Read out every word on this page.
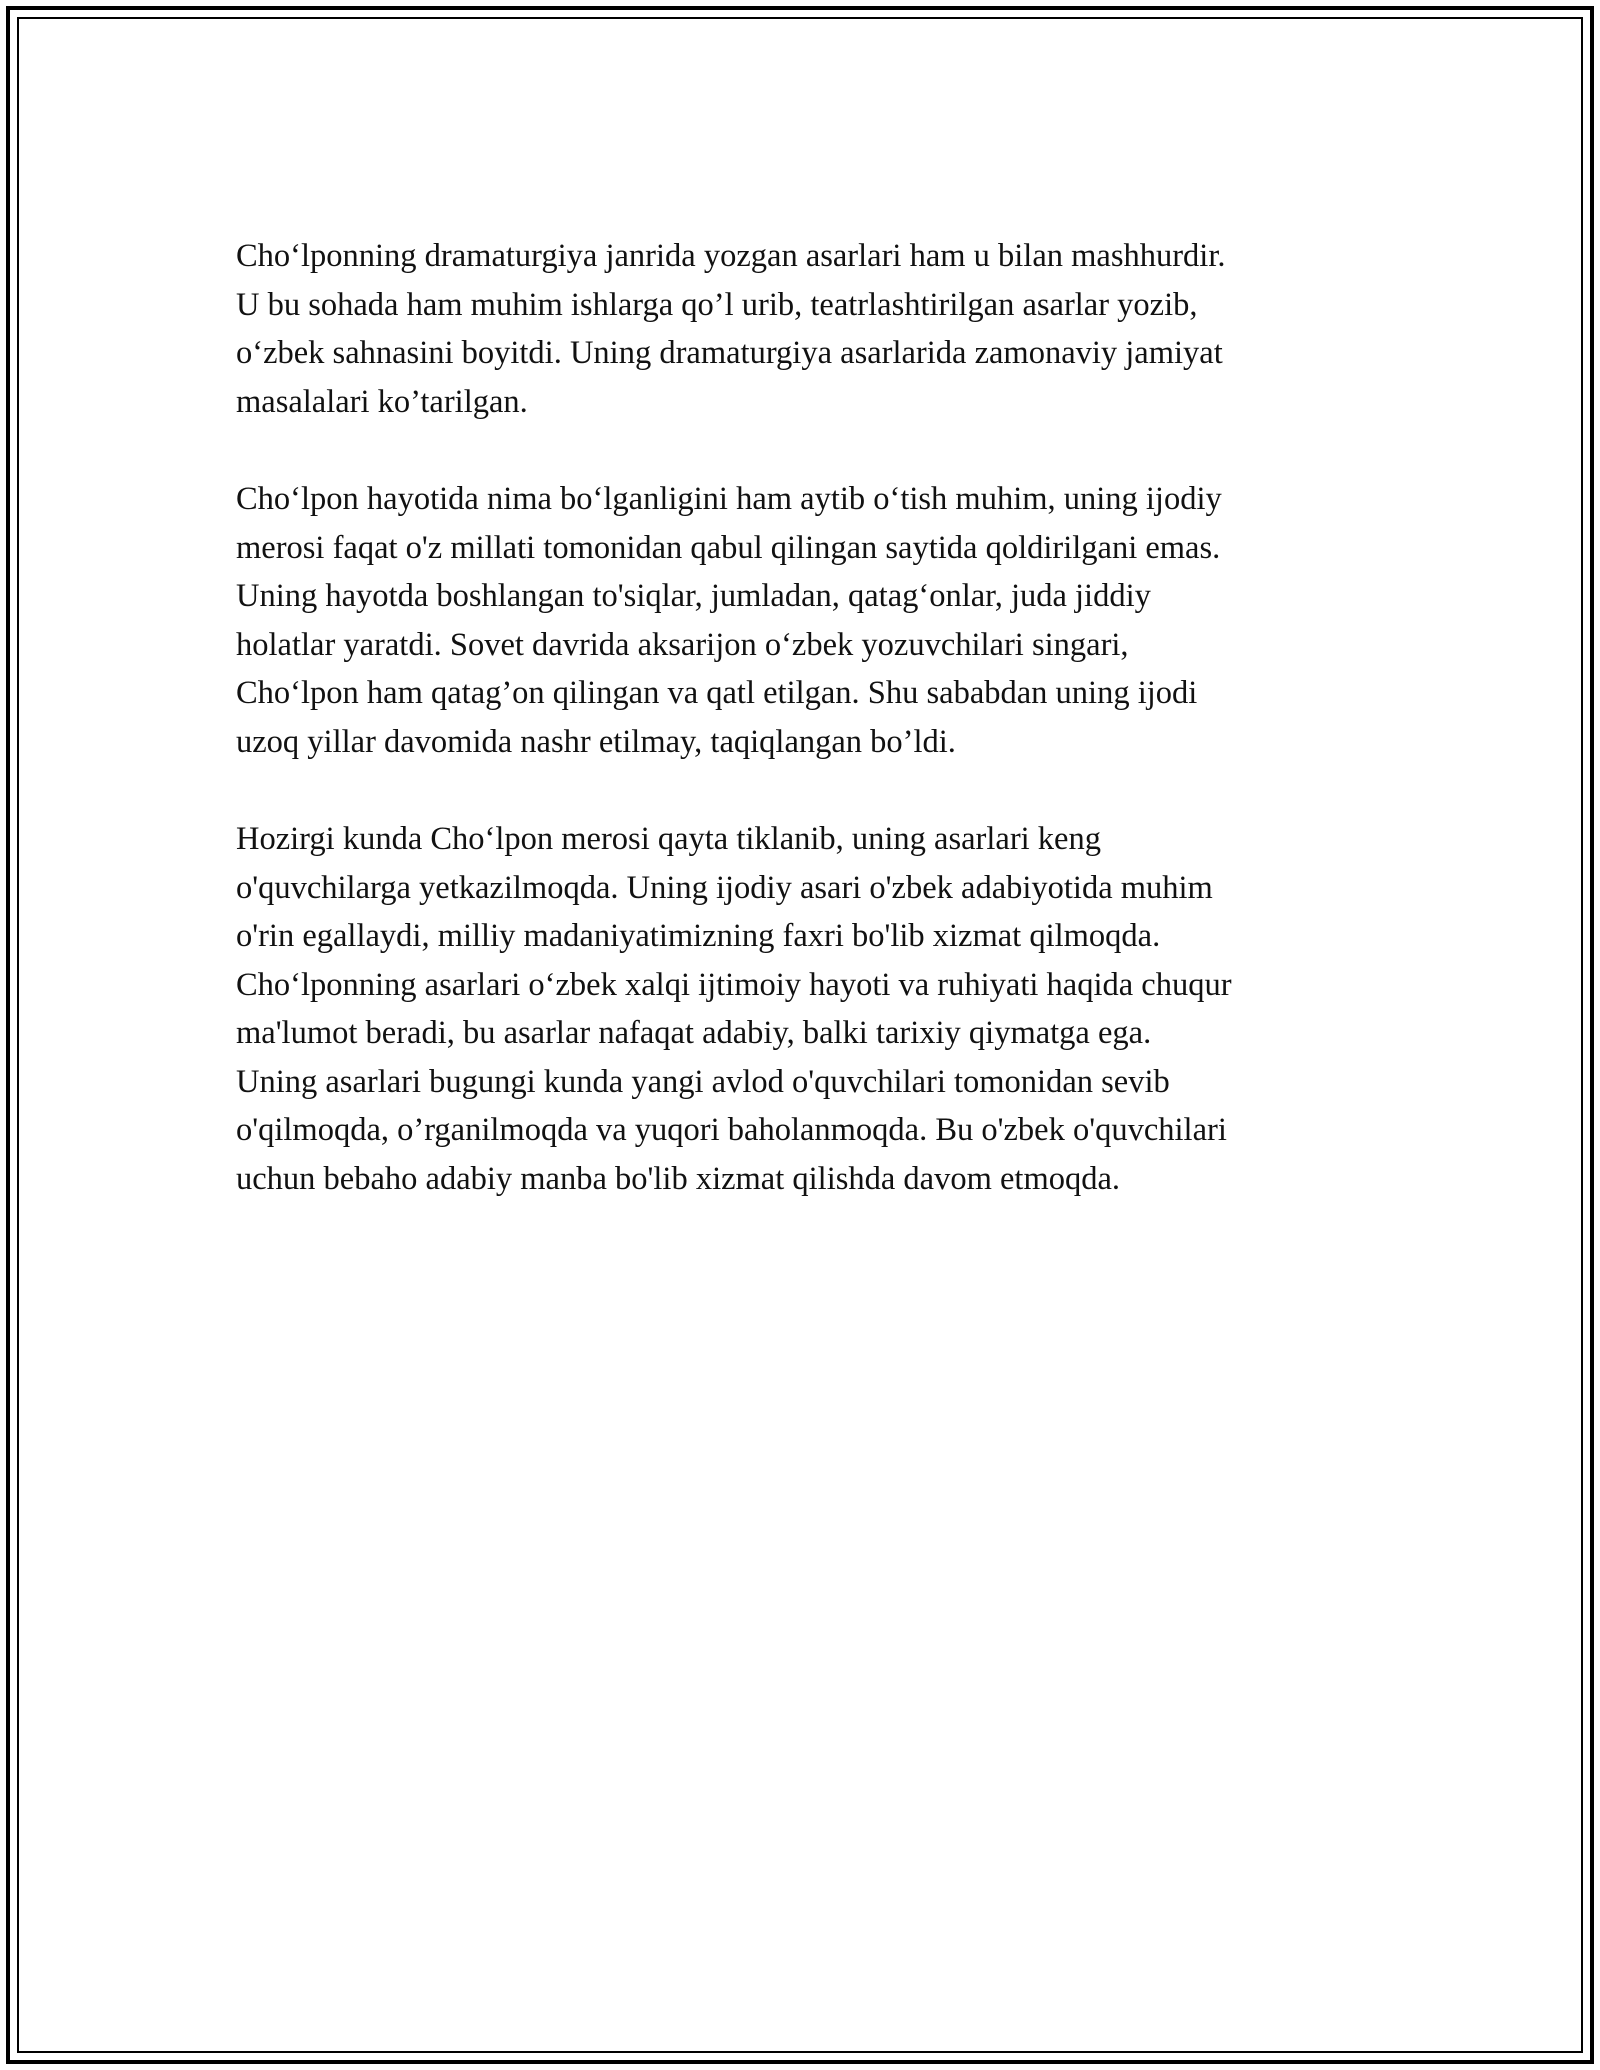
Cho‘lponning dramaturgiya janrida yozgan asarlari ham u bilan mashhurdir.
U bu sohada ham muhim ishlarga qo’l urib, teatrlashtirilgan asarlar yozib,
o‘zbek sahnasini boyitdi. Uning dramaturgiya asarlarida zamonaviy jamiyat
masalalari ko’tarilgan.

Cho‘lpon hayotida nima bo‘lganligini ham aytib o‘tish muhim, uning ijodiy
merosi faqat o'z millati tomonidan qabul qilingan saytida qoldirilgani emas.
Uning hayotda boshlangan to'siqlar, jumladan, qatag‘onlar, juda jiddiy
holatlar yaratdi. Sovet davrida aksarijon o‘zbek yozuvchilari singari,
Cho‘lpon ham qatag’on qilingan va qatl etilgan. Shu sababdan uning ijodi
uzoq yillar davomida nashr etilmay, taqiqlangan bo’ldi.

Hozirgi kunda Cho‘lpon merosi qayta tiklanib, uning asarlari keng
o'quvchilarga yetkazilmoqda. Uning ijodiy asari o'zbek adabiyotida muhim
o'rin egallaydi, milliy madaniyatimizning faxri bo'lib xizmat qilmoqda.
Cho‘lponning asarlari o‘zbek xalqi ijtimoiy hayoti va ruhiyati haqida chuqur
ma'lumot beradi, bu asarlar nafaqat adabiy, balki tarixiy qiymatga ega.
Uning asarlari bugungi kunda yangi avlod o'quvchilari tomonidan sevib
o'qilmoqda, o’rganilmoqda va yuqori baholanmoqda. Bu o'zbek o'quvchilari
uchun bebaho adabiy manba bo'lib xizmat qilishda davom etmoqda.
